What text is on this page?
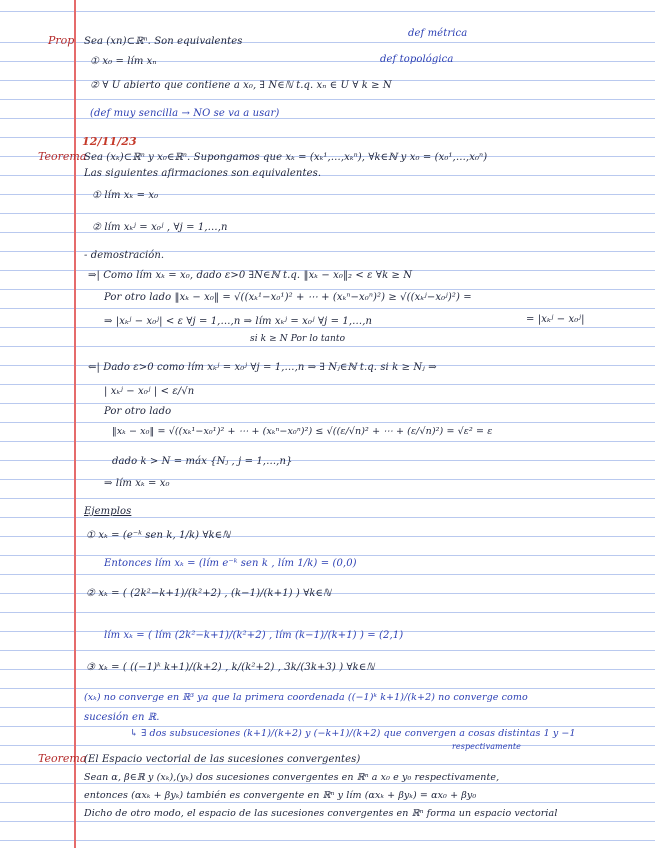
Prop
Teorema
Teorema
Sea (xn)⊂ℝⁿ. Son equivalentes
def métrica
① x₀ = lím xₙ	def topológica
② ∀ U abierto que contiene a x₀, ∃ N∈ℕ t.q. xₙ ∈ U ∀ k ≥ N
(def muy sencilla → NO se va a usar)
12/11/23
Sea (xₖ)⊂ℝⁿ y x₀∈ℝⁿ. Supongamos que xₖ = (xₖ¹,…,xₖⁿ), ∀k∈ℕ y x₀ = (x₀¹,…,x₀ⁿ)
Las siguientes afirmaciones son equivalentes.
① lím xₖ = x₀
② lím xₖʲ = x₀ʲ , ∀j = 1,…,n
- demostración.
⇒| Como lím xₖ = x₀, dado ε>0 ∃N∈ℕ t.q. ‖xₖ − x₀‖₂ < ε ∀k ≥ N
Por otro lado ‖xₖ − x₀‖ = √((xₖ¹−x₀¹)² + ⋯ + (xₖⁿ−x₀ⁿ)²) ≥ √((xₖʲ−x₀ʲ)²) =
⇒ |xₖʲ − x₀ʲ| < ε ∀j = 1,…,n ⇒ lím xₖʲ = x₀ʲ ∀j = 1,…,n	= |xₖʲ − x₀ʲ|
si k ≥ N Por lo tanto
⇐| Dado ε>0 como lím xₖʲ = x₀ʲ ∀j = 1,…,n ⇒ ∃ Nⱼ∈ℕ t.q. si k ≥ Nⱼ ⇒
| xₖʲ − x₀ʲ | < ε/√n
Por otro lado
‖xₖ − x₀‖ = √((xₖ¹−x₀¹)² + ⋯ + (xₖⁿ−x₀ⁿ)²) ≤ √((ε/√n)² + ⋯ + (ε/√n)²) = √ε² = ε
dado k > N = máx {Nⱼ , j = 1,…,n}
⇒ lím xₖ = x₀
Ejemplos
① xₖ = (e⁻ᵏ sen k, 1/k) ∀k∈ℕ
Entonces lím xₖ = (lím e⁻ᵏ sen k , lím 1/k) = (0,0)
② xₖ = ( (2k²−k+1)/(k²+2) , (k−1)/(k+1) ) ∀k∈ℕ
lím xₖ = ( lím (2k²−k+1)/(k²+2) , lím (k−1)/(k+1) ) = (2,1)
③ xₖ = ( ((−1)ᵏ k+1)/(k+2) , k/(k²+2) , 3k/(3k+3) ) ∀k∈ℕ
(xₖ) no converge en ℝ³ ya que la primera coordenada ((−1)ᵏ k+1)/(k+2) no converge como
sucesión en ℝ.
↳ ∃ dos subsucesiones (k+1)/(k+2) y (−k+1)/(k+2) que convergen a cosas distintas 1 y −1
respectivamente
(El Espacio vectorial de las sucesiones convergentes)
Sean α, β∈ℝ y (xₖ),(yₖ) dos sucesiones convergentes en ℝⁿ a x₀ e y₀ respectivamente,
entonces (αxₖ + βyₖ) también es convergente en ℝⁿ y lím (αxₖ + βyₖ) = αx₀ + βy₀
Dicho de otro modo, el espacio de las sucesiones convergentes en ℝⁿ forma un espacio vectorial
